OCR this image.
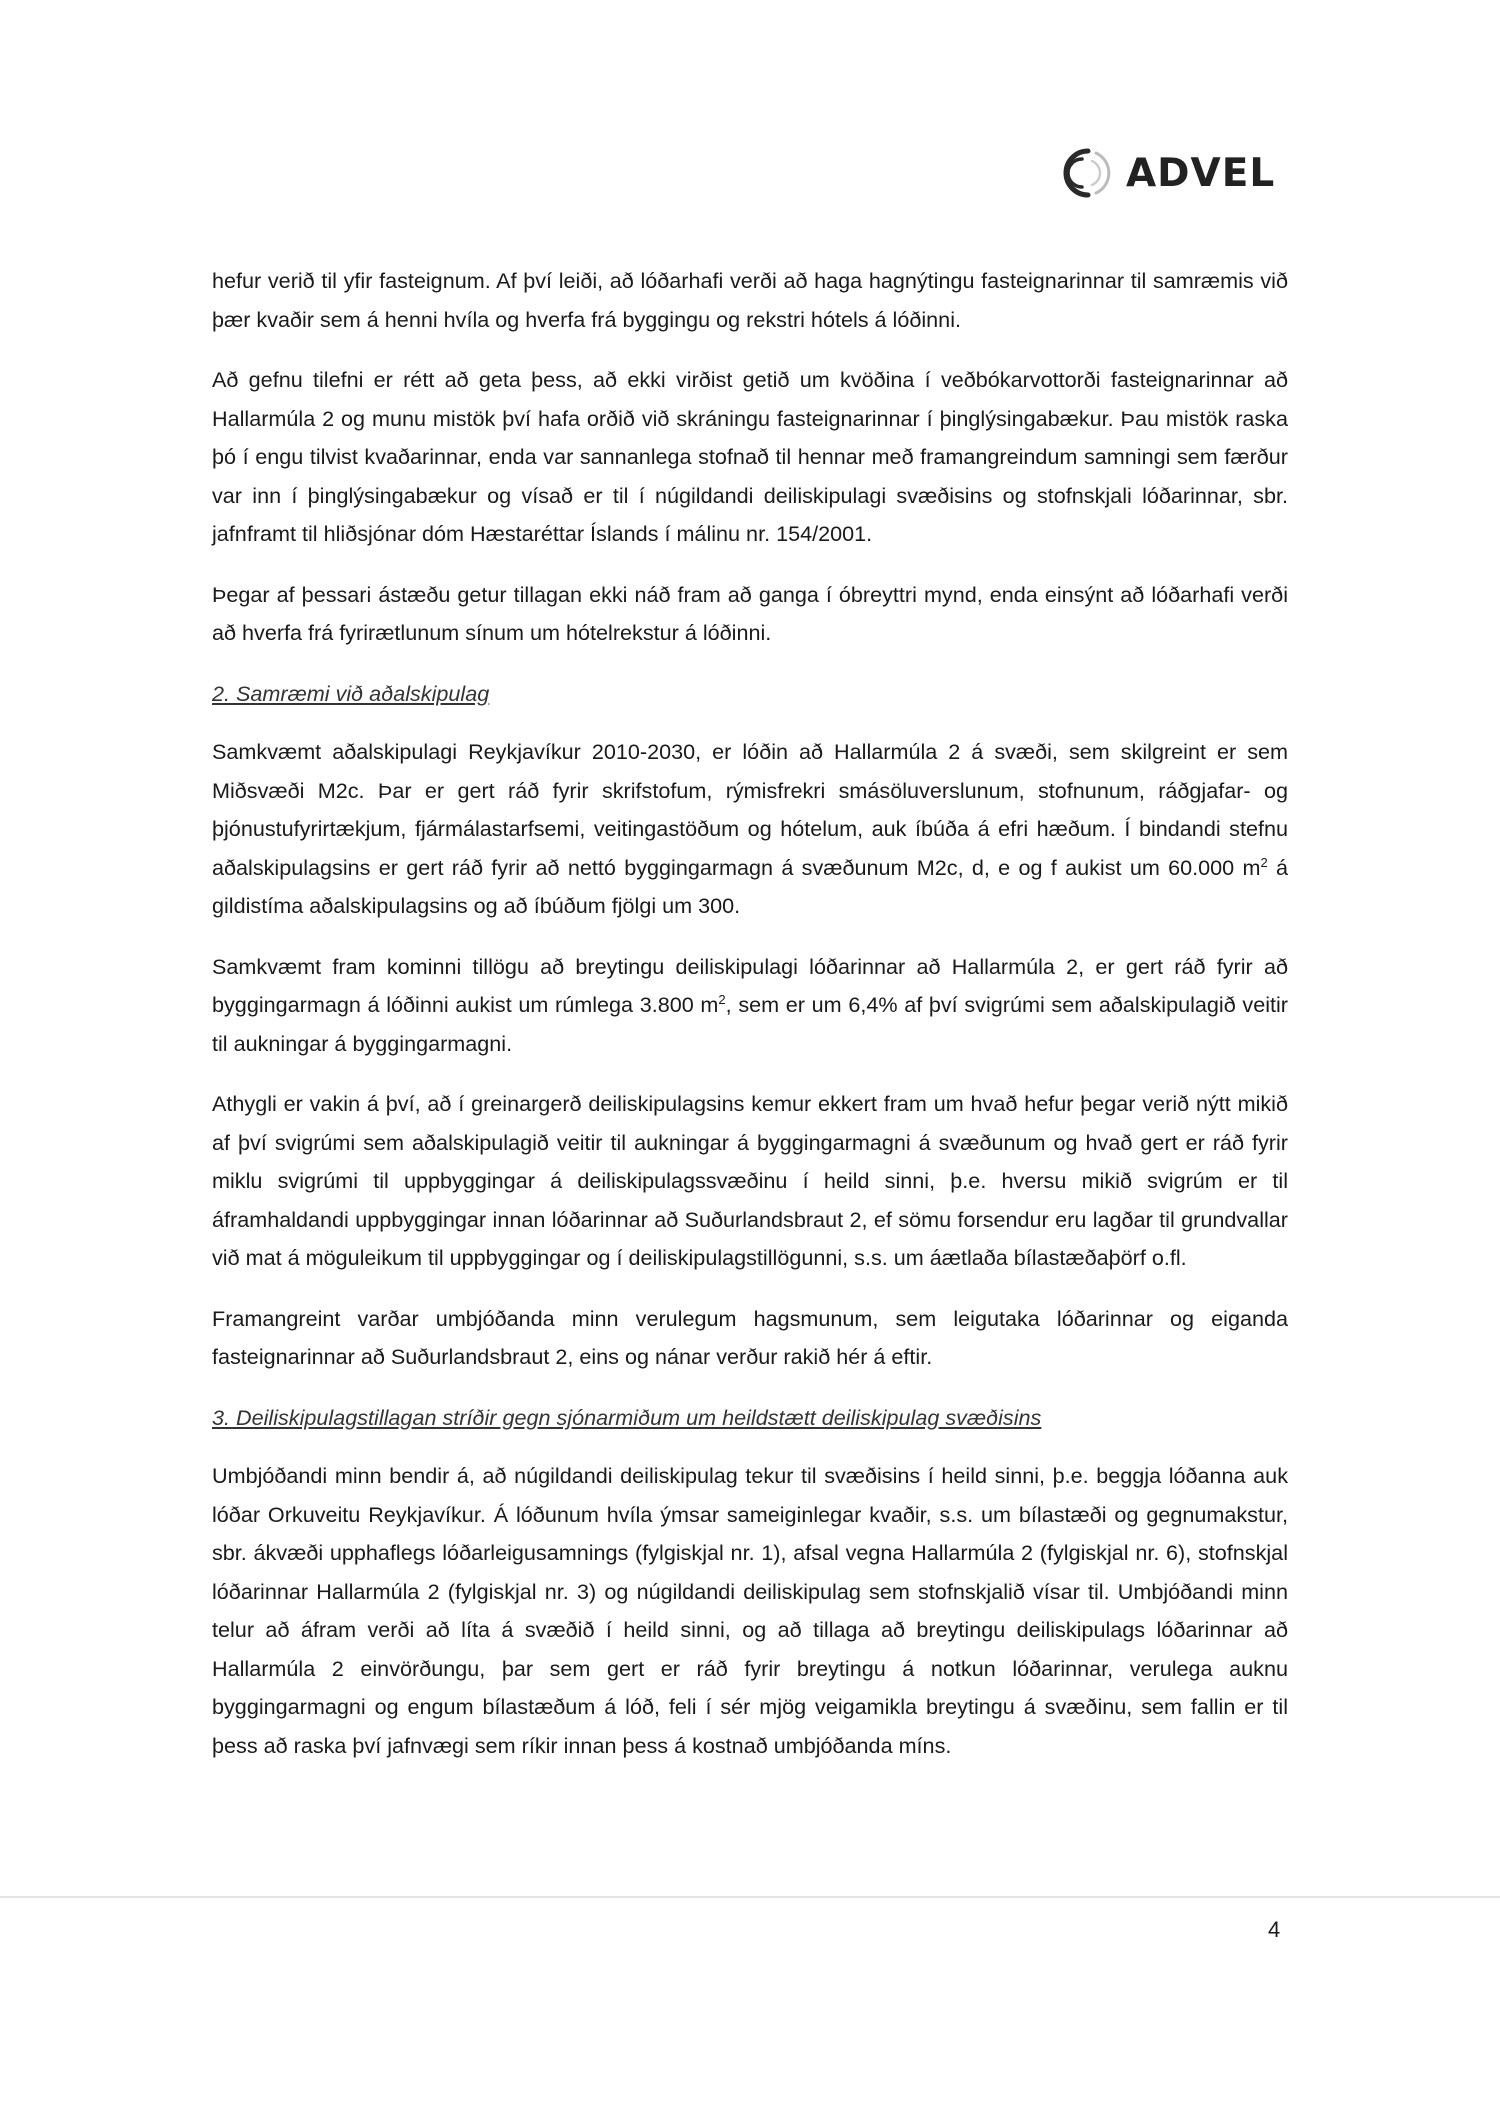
ADVEL

hefur verið til yfir fasteignum. Af því leiði, að lóðarhafi verði að haga hagnýtingu fasteignarinnar til samræmis við þær kvaðir sem á henni hvíla og hverfa frá byggingu og rekstri hótels á lóðinni.

Að gefnu tilefni er rétt að geta þess, að ekki virðist getið um kvöðina í veðbókarvottorði fasteignarinnar að Hallarmúla 2 og munu mistök því hafa orðið við skráningu fasteignarinnar í þinglýsingabækur. Þau mistök raska þó í engu tilvist kvaðarinnar, enda var sannanlega stofnað til hennar með framangreindum samningi sem færður var inn í þinglýsingabækur og vísað er til í núgildandi deiliskipulagi svæðisins og stofnskjali lóðarinnar, sbr. jafnframt til hliðsjónar dóm Hæstaréttar Íslands í málinu nr. 154/2001.

Þegar af þessari ástæðu getur tillagan ekki náð fram að ganga í óbreyttri mynd, enda einsýnt að lóðarhafi verði að hverfa frá fyrirætlunum sínum um hótelrekstur á lóðinni.

2. Samræmi við aðalskipulag

Samkvæmt aðalskipulagi Reykjavíkur 2010-2030, er lóðin að Hallarmúla 2 á svæði, sem skilgreint er sem Miðsvæði M2c. Þar er gert ráð fyrir skrifstofum, rýmisfrekri smásöluverslunum, stofnunum, ráðgjafar- og þjónustufyrirtækjum, fjármálastarfsemi, veitingastöðum og hótelum, auk íbúða á efri hæðum. Í bindandi stefnu aðalskipulagsins er gert ráð fyrir að nettó byggingarmagn á svæðunum M2c, d, e og f aukist um 60.000 $m^2$ á gildistíma aðalskipulagsins og að íbúðum fjölgi um 300.

Samkvæmt fram kominni tillögu að breytingu deiliskipulagi lóðarinnar að Hallarmúla 2, er gert ráð fyrir að byggingarmagn á lóðinni aukist um rúmlega 3.800 $m^2$, sem er um 6,4% af því svigrúmi sem aðalskipulagið veitir til aukningar á byggingarmagni.

Athygli er vakin á því, að í greinargerð deiliskipulagsins kemur ekkert fram um hvað hefur þegar verið nýtt mikið af því svigrúmi sem aðalskipulagið veitir til aukningar á byggingarmagni á svæðunum og hvað gert er ráð fyrir miklu svigrúmi til uppbyggingar á deiliskipulagssvæðinu í heild sinni, þ.e. hversu mikið svigrúm er til áframhaldandi uppbyggingar innan lóðarinnar að Suðurlandsbraut 2, ef sömu forsendur eru lagðar til grundvallar við mat á möguleikum til uppbyggingar og í deiliskipulagstillögunni, s.s. um áætlaða bílastæðaþörf o.fl.

Framangreint varðar umbjóðanda minn verulegum hagsmunum, sem leigutaka lóðarinnar og eiganda fasteignarinnar að Suðurlandsbraut 2, eins og nánar verður rakið hér á eftir.

3. Deiliskipulagstillagan stríðir gegn sjónarmiðum um heildstætt deiliskipulag svæðisins

Umbjóðandi minn bendir á, að núgildandi deiliskipulag tekur til svæðisins í heild sinni, þ.e. beggja lóðanna auk lóðar Orkuveitu Reykjavíkur. Á lóðunum hvíla ýmsar sameiginlegar kvaðir, s.s. um bílastæði og gegnumakstur, sbr. ákvæði upphaflegs lóðarleigusamnings (fylgiskjal nr. 1), afsal vegna Hallarmúla 2 (fylgiskjal nr. 6), stofnskjal lóðarinnar Hallarmúla 2 (fylgiskjal nr. 3) og núgildandi deiliskipulag sem stofnskjalið vísar til. Umbjóðandi minn telur að áfram verði að líta á svæðið í heild sinni, og að tillaga að breytingu deiliskipulags lóðarinnar að Hallarmúla 2 einvörðungu, þar sem gert er ráð fyrir breytingu á notkun lóðarinnar, verulega auknu byggingarmagni og engum bílastæðum á lóð, feli í sér mjög veigamikla breytingu á svæðinu, sem fallin er til þess að raska því jafnvægi sem ríkir innan þess á kostnað umbjóðanda míns.

4
